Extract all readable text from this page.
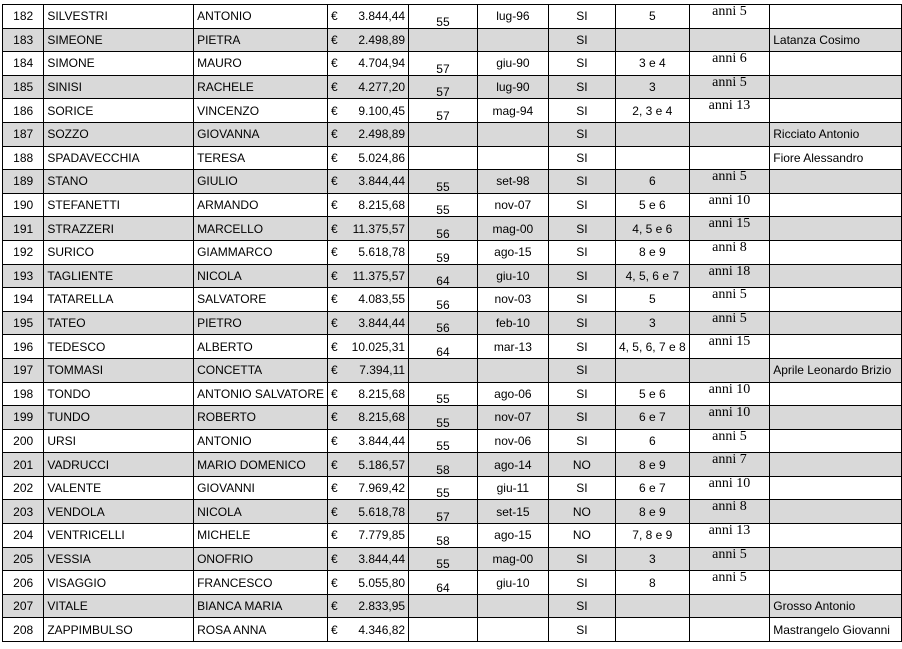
182	SILVESTRI	ANTONIO	€ 3.844,44	55	lug-96	SI	5	anni 5	
183	SIMEONE	PIETRA	€ 2.498,89			SI			Latanza Cosimo
184	SIMONE	MAURO	€ 4.704,94	57	giu-90	SI	3 e 4	anni 6	
185	SINISI	RACHELE	€ 4.277,20	57	lug-90	SI	3	anni 5	
186	SORICE	VINCENZO	€ 9.100,45	57	mag-94	SI	2, 3 e 4	anni 13	
187	SOZZO	GIOVANNA	€ 2.498,89			SI			Ricciato Antonio
188	SPADAVECCHIA	TERESA	€ 5.024,86			SI			Fiore Alessandro
189	STANO	GIULIO	€ 3.844,44	55	set-98	SI	6	anni 5	
190	STEFANETTI	ARMANDO	€ 8.215,68	55	nov-07	SI	5 e 6	anni 10	
191	STRAZZERI	MARCELLO	€ 11.375,57	56	mag-00	SI	4, 5 e 6	anni 15	
192	SURICO	GIAMMARCO	€ 5.618,78	59	ago-15	SI	8 e 9	anni 8	
193	TAGLIENTE	NICOLA	€ 11.375,57	64	giu-10	SI	4, 5, 6 e 7	anni 18	
194	TATARELLA	SALVATORE	€ 4.083,55	56	nov-03	SI	5	anni 5	
195	TATEO	PIETRO	€ 3.844,44	56	feb-10	SI	3	anni 5	
196	TEDESCO	ALBERTO	€ 10.025,31	64	mar-13	SI	4, 5, 6, 7 e 8	anni 15	
197	TOMMASI	CONCETTA	€ 7.394,11			SI			Aprile Leonardo Brizio
198	TONDO	ANTONIO SALVATORE	€ 8.215,68	55	ago-06	SI	5 e 6	anni 10	
199	TUNDO	ROBERTO	€ 8.215,68	55	nov-07	SI	6 e 7	anni 10	
200	URSI	ANTONIO	€ 3.844,44	55	nov-06	SI	6	anni 5	
201	VADRUCCI	MARIO DOMENICO	€ 5.186,57	58	ago-14	NO	8 e 9	anni 7	
202	VALENTE	GIOVANNI	€ 7.969,42	55	giu-11	SI	6 e 7	anni 10	
203	VENDOLA	NICOLA	€ 5.618,78	57	set-15	NO	8 e 9	anni 8	
204	VENTRICELLI	MICHELE	€ 7.779,85	58	ago-15	NO	7, 8 e 9	anni 13	
205	VESSIA	ONOFRIO	€ 3.844,44	55	mag-00	SI	3	anni 5	
206	VISAGGIO	FRANCESCO	€ 5.055,80	64	giu-10	SI	8	anni 5	
207	VITALE	BIANCA MARIA	€ 2.833,95			SI			Grosso Antonio
208	ZAPPIMBULSO	ROSA ANNA	€ 4.346,82			SI			Mastrangelo Giovanni
